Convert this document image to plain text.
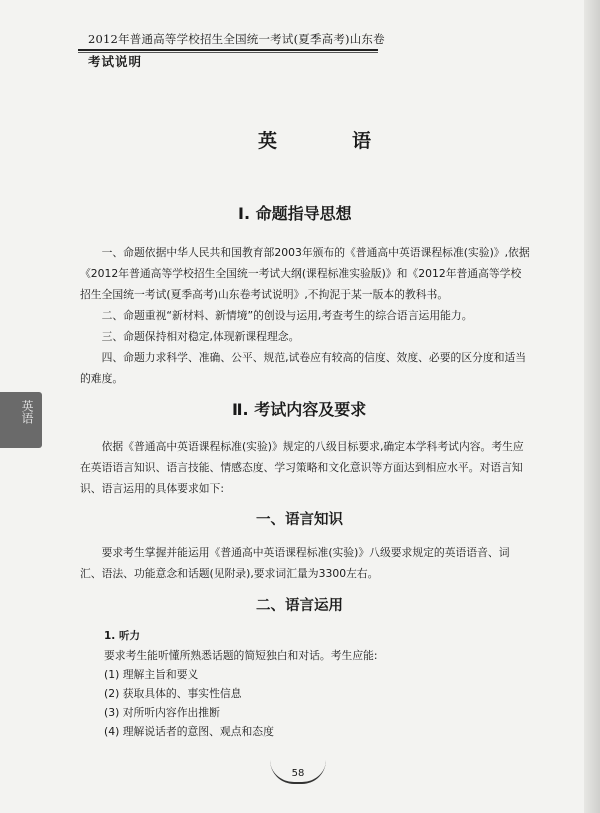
2012年普通高等学校招生全国统一考试(夏季高考)山东卷
考试说明
英语
英　语
Ⅰ. 命题指导思想

一、命题依据中华人民共和国教育部2003年颁布的《普通高中英语课程标准(实验)》,依据《2012年普通高等学校招生全国统一考试大纲(课程标准实验版)》和《2012年普通高等学校招生全国统一考试(夏季高考)山东卷考试说明》,不拘泥于某一版本的教科书。

二、命题重视“新材料、新情境”的创设与运用,考查考生的综合语言运用能力。

三、命题保持相对稳定,体现新课程理念。

四、命题力求科学、准确、公平、规范,试卷应有较高的信度、效度、必要的区分度和适当的难度。

Ⅱ. 考试内容及要求

依据《普通高中英语课程标准(实验)》规定的八级目标要求,确定本学科考试内容。考生应在英语语言知识、语言技能、情感态度、学习策略和文化意识等方面达到相应水平。对语言知识、语言运用的具体要求如下:

一、语言知识

要求考生掌握并能运用《普通高中英语课程标准(实验)》八级要求规定的英语语音、词汇、语法、功能意念和话题(见附录),要求词汇量为3300左右。

二、语言运用
1. 听力
要求考生能听懂所熟悉话题的简短独白和对话。考生应能:
(1) 理解主旨和要义
(2) 获取具体的、事实性信息
(3) 对所听内容作出推断
(4) 理解说话者的意图、观点和态度
58
